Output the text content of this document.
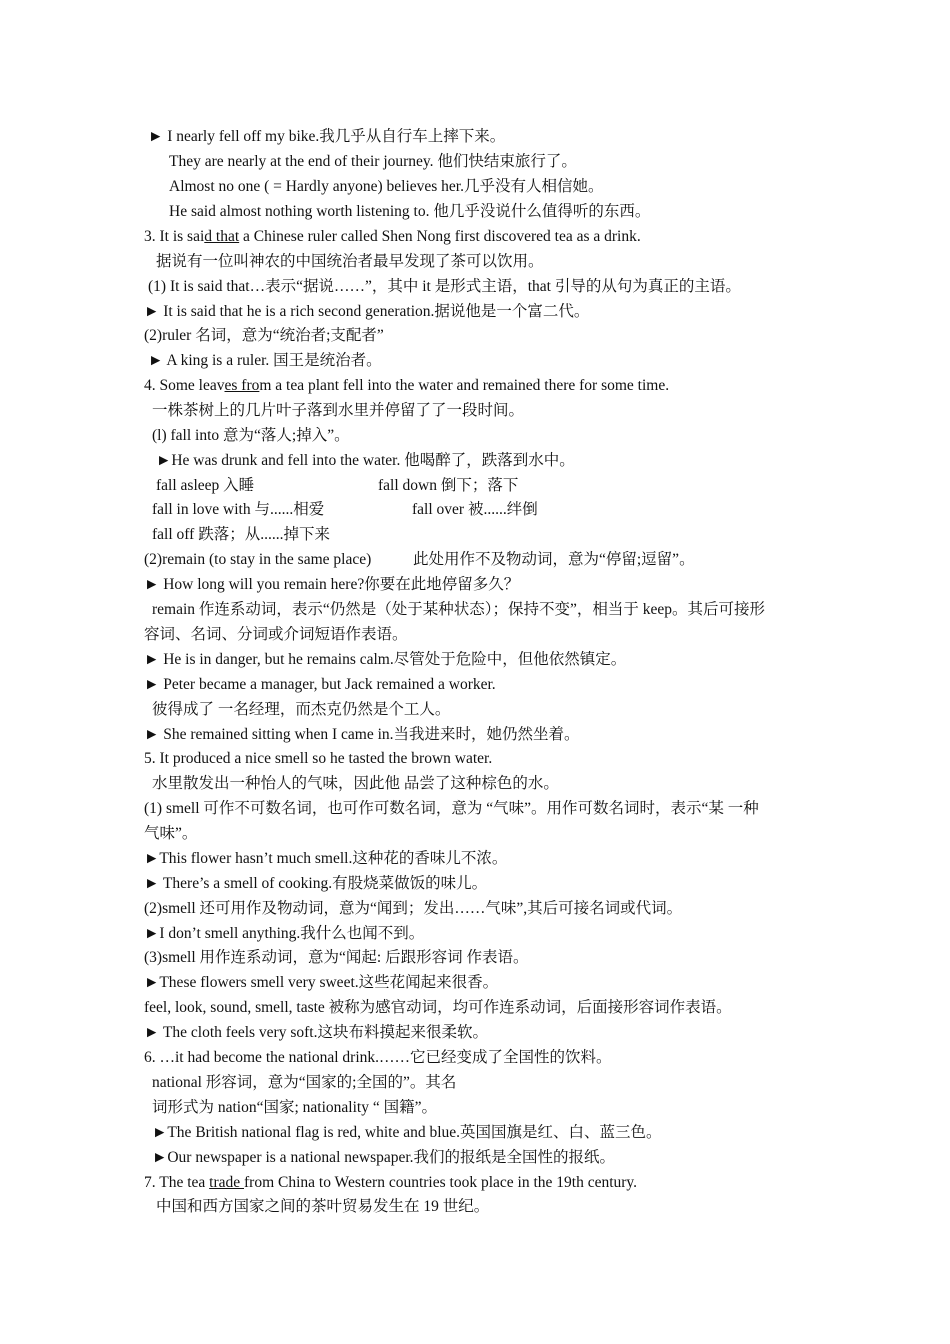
► I nearly fell off my bike.我几乎从自行车上摔下来。
They are nearly at the end of their journey. 他们快结束旅行了。
Almost no one ( = Hardly anyone) believes her.几乎没有人相信她。
He said almost nothing worth listening to. 他几乎没说什么值得听的东西。
3. It is said that a Chinese ruler called Shen Nong first discovered tea as a drink.
据说有一位叫神农的中国统治者最早发现了茶可以饮用。
(1) It is said that…表示“据说……”，其中 it 是形式主语，that 引导的从句为真正的主语。
► It is said that he is a rich second generation.据说他是一个富二代。
(2)ruler 名词，意为“统治者;支配者”
► A king is a ruler. 国王是统治者。
4. Some leaves from a tea plant fell into the water and remained there for some time.
一株茶树上的几片叶子落到水里并停留了了一段时间。
(l) fall into 意为“落人;掉入”。
►He was drunk and fell into the water. 他喝醉了，跌落到水中。
fall asleep 入睡	fall down 倒下；落下
fall in love with 与......相爱	fall over 被......绊倒
fall off 跌落；从......掉下来
(2)remain (to stay in the same place)	此处用作不及物动词，意为“停留;逗留”。
► How long will you remain here?你要在此地停留多久？
remain 作连系动词，表示“仍然是（处于某种状态）；保持不变”，相当于 keep。其后可接形
容词、名词、分词或介词短语作表语。
► He is in danger, but he remains calm.尽管处于危险中，但他依然镇定。
► Peter became a manager, but Jack remained a worker.
彼得成了 一名经理，而杰克仍然是个工人。
► She remained sitting when I came in.当我进来时，她仍然坐着。
5. It produced a nice smell so he tasted the brown water.
水里散发出一种怡人的气味，因此他 品尝了这种棕色的水。
(1) smell 可作不可数名词，也可作可数名词，意为 “气味”。用作可数名词时，表示“某 一种
气味”。
►This flower hasn’t much smell.这种花的香味儿不浓。
► There’s a smell of cooking.有股烧菜做饭的味儿。
(2)smell 还可用作及物动词，意为“闻到；发出……气味”,其后可接名词或代词。
►I don’t smell anything.我什么也闻不到。
(3)smell 用作连系动词，意为“闻起: 后跟形容词 作表语。
►These flowers smell very sweet.这些花闻起来很香。
feel, look, sound, smell, taste 被称为感官动词，均可作连系动词，后面接形容词作表语。
► The cloth feels very soft.这块布料摸起来很柔软。
6. …it had become the national drink.……它已经变成了全国性的饮料。
national 形容词，意为“国家的;全国的”。其名
词形式为 nation“国家; nationality “ 国籍”。
►The British national flag is red, white and blue.英国国旗是红、白、蓝三色。
►Our newspaper is a national newspaper.我们的报纸是全国性的报纸。
7. The tea trade from China to Western countries took place in the 19th century.
中国和西方国家之间的茶叶贸易发生在 19 世纪。
